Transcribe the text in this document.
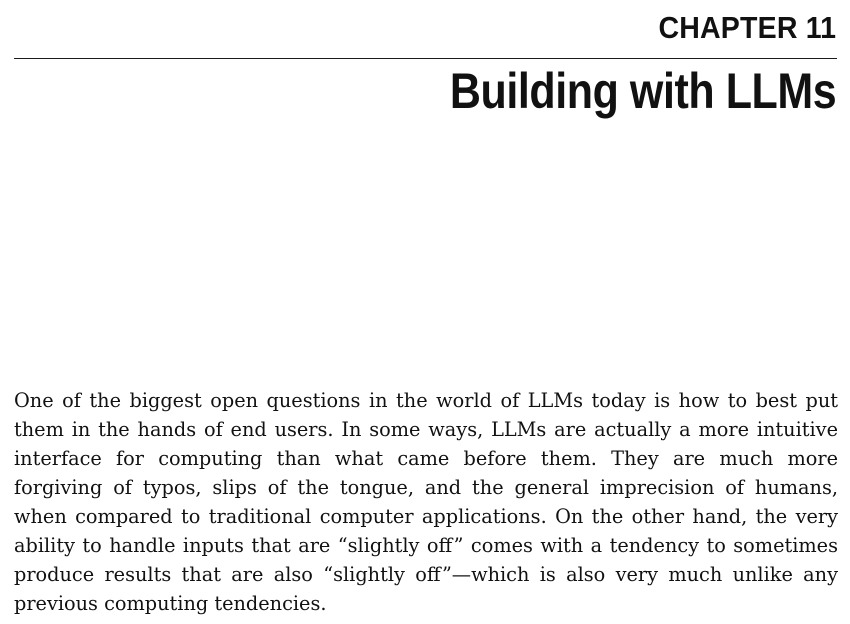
CHAPTER 11
Building with LLMs

One of the biggest open questions in the world of LLMs today is how to best put them in the hands of end users. In some ways, LLMs are actually a more intuitive interface for computing than what came before them. They are much more forgiving of typos, slips of the tongue, and the general imprecision of humans, when compared to traditional computer applications. On the other hand, the very ability to handle inputs that are “slightly off” comes with a tendency to sometimes produce results that are also “slightly off”—which is also very much unlike any previous computing tendencies.
